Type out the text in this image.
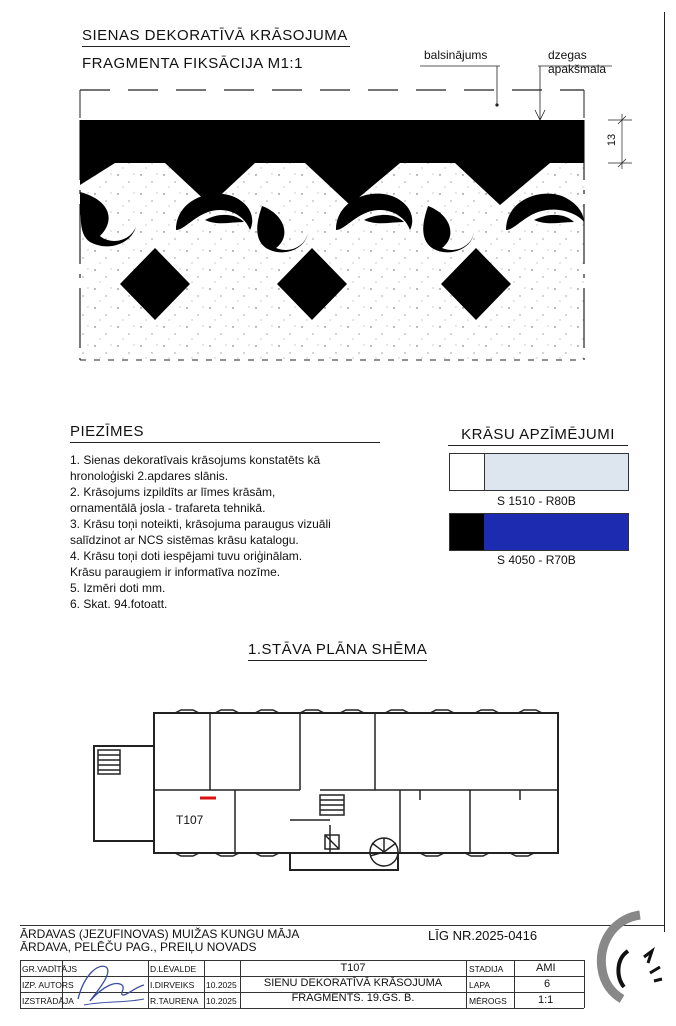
SIENAS DEKORATĪVĀ KRĀSOJUMA
FRAGMENTA FIKSĀCIJA M1:1	balsinājums	dzegas
apakšmala
13
PIEZĪMES
1. Sienas dekoratīvais krāsojums konstatēts kā
hronoloģiski 2.apdares slānis.
2. Krāsojums izpildīts ar līmes krāsām,
ornamentālā josla - trafareta tehnikā.
3. Krāsu toņi noteikti, krāsojuma paraugus vizuāli
salīdzinot ar NCS sistēmas krāsu katalogu.
4. Krāsu toņi doti iespējami tuvu oriģinālam.
Krāsu paraugiem ir informatīva nozīme.
5. Izmēri doti mm.
6. Skat. 94.fotoatt.
KRĀSU APZĪMĒJUMI
S 1510 - R80B
S 4050 - R70B
1.STĀVA PLĀNA SHĒMA
T107
ĀRDAVAS (JEZUFINOVAS) MUIŽAS KUNGU MĀJA
ĀRDAVA, PELĒČU PAG., PREIĻU NOVADS
LĪG NR.2025-0416
GR.VADĪTĀJS	D.LĒVALDE
IZP. AUTORS	I.DIRVEIKS 10.2025
IZSTRĀDĀJA	R.TAURENA 10.2025
T107
SIENU DEKORATĪVĀ KRĀSOJUMA
FRAGMENTS. 19.GS. B.
STADIJA	AMI
LAPA	6
MĒROGS	1:1
